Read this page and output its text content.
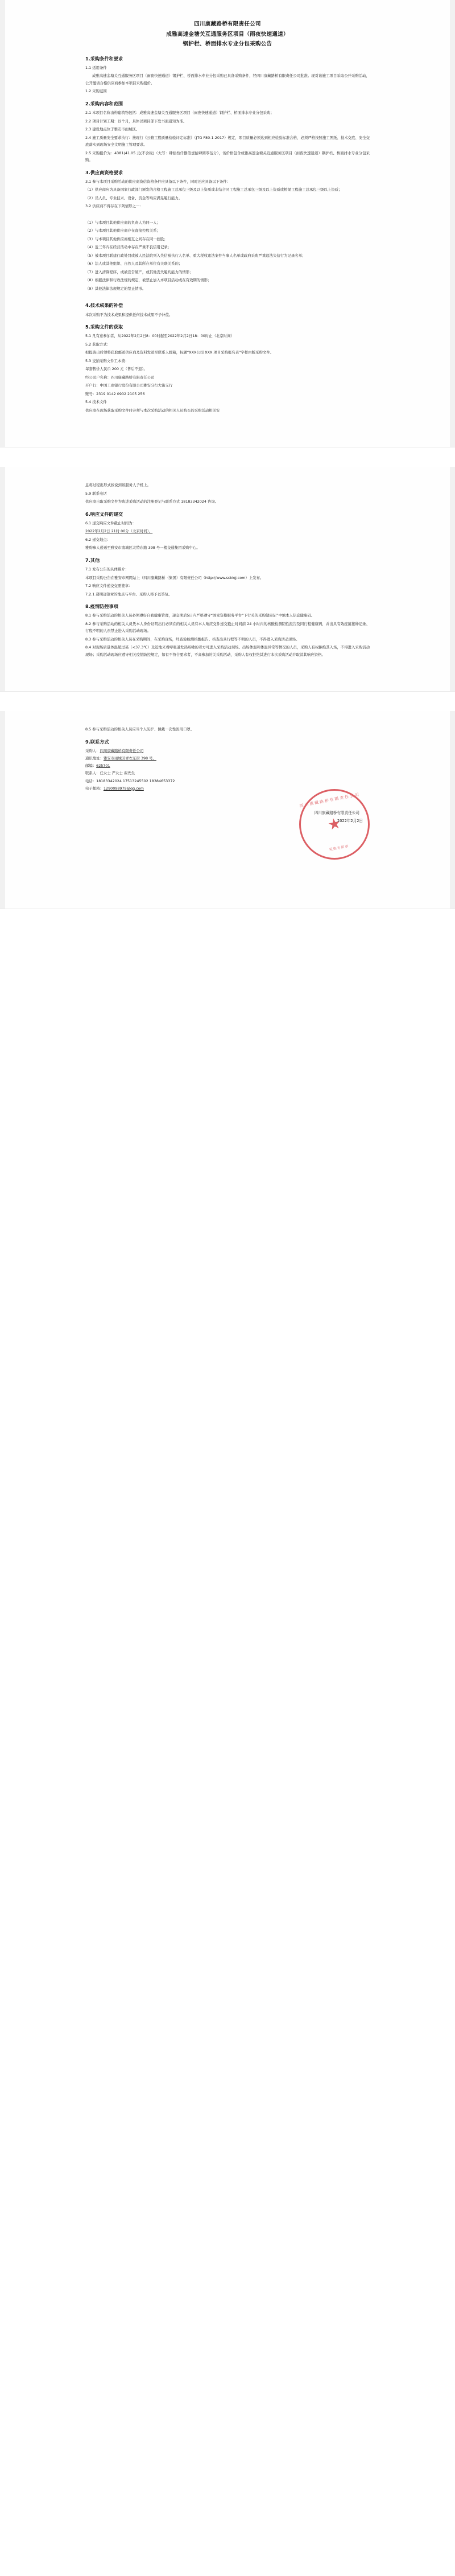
四川康藏路桥有限责任公司
成雅高速金塘关互通服务区项目（雨夜快速通道）
钢护栏、桥面排水专业分包采购公告
1.采购条件和要求

1.1 适用条件

成雅高速金塘关互通服务区项目（雨夜快速通道）钢护栏、桥面排水专业分包采购已具备采购条件，经四川康藏路桥有限责任公司批准。现对该施工项目采取公开采购活动，公开邀请合格供应商参加本项目采购报价。

1.2 采购范围

2.采购内容和范围

2.1 本项目名称由构建筑物包括：成雅高速金塘关互通服务区项目（雨夜快速通道）钢护栏、桥面排水专业分包采购；

2.2 项目计划工期：以个月，具体以项目部下发书面通知为准。

2.3 建设地点位于雅安市雨城区。

2.4 施工质量安全要求执行：按现行《公路工程质量检验评定标准》（JTG F80-1-2017）规定，项目质量必须达到相应检验标准合格，必须严格按照施工图纸、技术交底、安全交底落实到现场安全文明施工管理要求。

2.5 采购报价为：4381(41.05 元(不含税)（大写：肆拾叁仟捌佰壹拾肆圆零伍分），该价格包含成雅高速金塘关互通服务区项目（雨夜快速通道）钢护栏、桥面排水专业分包采购。

3.供应商资格要求

3.1 参与本项目采购活动的供应商资信资格条件应具备以下条件，同时还应具备以下条件：

（1）供应商应为具备国家行政部门颁发的合格工程施工总承包三级及以上资质或非结合同工程施工总承包三级及以上资质或桥梁工程施工总承包三级以上资质；

（2）员人员、专业技术、设备、资金等均应满足履行能力。

3.2 供应商不得存在下列情形之一：

（1）与本项目其他供应商的负责人为同一人；

（2）与本项目其他供应商存在直接控股关系；

（3）与本项目其他供应商相互之间存在同一控股；

（4）近三年内在经营活动中存在严重不良信用记录；

（5）被本项目联建行政处罚或被人民法院列入失信被执行人名单、重大税收违法案件当事人名单或政府采购严重违法失信行为记录名单；

（6）法人或其他组织、自然人及其所在单位有关联关系的；

（7）进入清算程序，或被宣告破产，或其他丧失履约能力的情形；

（8）根据法律和行政法规的规定，被禁止加入本项目活动或在有效期的情形；

（9）其他法律法规规定的禁止情形。

4.技术成果的补偿

本次采购不为技术成果和提供任何技术成果不予补偿。

5.采购文件的获取

5.1 凡有意参加者，从2022年2月2日8：00时起至2022年2月2日18：00时止（北京时间）

5.2 获取方式：

拟提请出后须将获取邮送供应商及资料发送至联系人邮箱，标题“XXX公司 XXX 项目采购报名表”字样由版采购文件。

5.3 交纳采购文件工本费：

每套售价人民币 200 元（售后不退）。

经公司户名称：四川康藏路桥有限责任公司

开户行：中国工商银行股份有限公司雅安分行大街支行

账号：2319 0142 0902 2105 256

5.4 技术文件

供应商在现场获取采购文件时必须与本次采购活动的相关人员购买的采购活动相关安

息将过程出形式按说到该服务人予机上。

5.9 联系电话

供应商自取采购文件为购进采购活动的注册登记与联系方式 18183342024 咨询。

6.响应文件的递交

6.1 递交响应文件截止时间为：

2022年2月2日 21时 00分（北京时间）。

6.2 递交地点：

雅购参人递送至雅安市南城区北特东路 398 号一楼交通集团采购中心。

7.其他

7.1 发布公告的具体媒介：

本项目采购公告在雅安市网网站上（四川康藏路桥（集团）有限责任公司（http://www.scklqj.com）上发布。

7.2 响应文件递交交需签章：

7.2.1 递期递签章的地点与平台、采购人将予以答复。

8.疫情防控事项

8.1 参与采购活动的相关人员必须遵好自我健康管理，递交期后5日内严格遵守“国家资格服务平台”下行关的采购健康证”中填本人信息健康码。

8.2 参与采购活动的相关人员凭本人身份证明出行必须在的相关人员有本人响应交件递交截止时间前 24 小时内的核酸检测阴性报告及同行程健康码，并出具有效疫苗接种记录、行程不明的人员禁止进入采购活动现场。

8.3 参与采购活动的相关人员在采购期间，在采购现场，经查验检测核酸报告、核查出具行程等不明的人员，不得进入采购活动现场。

8.4 对现场质量体温超过某（<37.3℃）及近地来看呼吸道发热咳嗽的者方可进入采购活动现场。出场体温和体温异常等情况的人员，采购人有权拒绝其入场，不得进入采购活动现场；采购活动现场应遵守相关疫情防控规定，如有不符合要求者，不高参加的关采购活动，采购人有权拒绝其进行本次采购活动并取消其响应资格。

8.5 参与采购活动的相关人员应当个人防护、佩戴一次性医用口罩。

9.联系方式

采购人：四川康藏路桥有限责任公司

通讯地址：雅安市雨城区青衣东街 398 号。

邮编：625701

联系人：任女士 严女士 翟先生

电话：18183342024 17513245502 18384653372

电子邮箱：1290098979@qq.com

四川康藏路桥有限责任公司
★
采购专用章
四川康藏路桥有限责任公司
2022年2月2日
